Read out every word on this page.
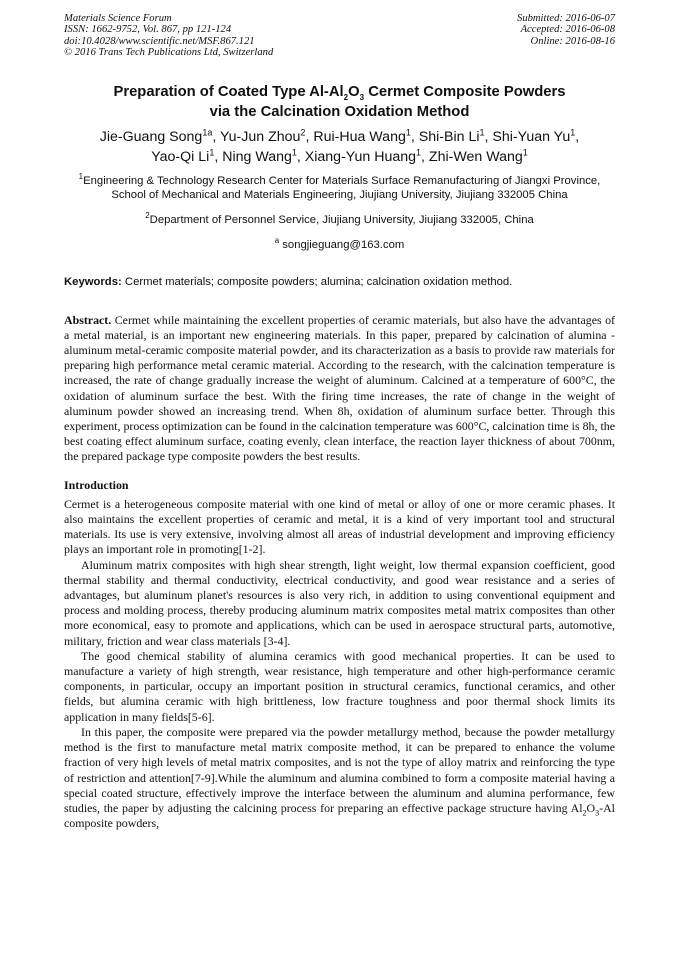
Materials Science Forum
ISSN: 1662-9752, Vol. 867, pp 121-124
doi:10.4028/www.scientific.net/MSF.867.121
© 2016 Trans Tech Publications Ltd, Switzerland
Submitted: 2016-06-07
Accepted: 2016-06-08
Online: 2016-08-16
Preparation of Coated Type $Al-Al_2O_3$ Cermet Composite Powders
via the Calcination Oxidation Method
Jie-Guang Song$^{1a}$, Yu-Jun Zhou$^2$, Rui-Hua Wang$^1$, Shi-Bin Li$^1$, Shi-Yuan Yu$^1$,
Yao-Qi Li$^1$, Ning Wang$^1$, Xiang-Yun Huang$^1$, Zhi-Wen Wang$^1$
$^1$Engineering & Technology Research Center for Materials Surface Remanufacturing of Jiangxi Province, School of Mechanical and Materials Engineering, Jiujiang University, Jiujiang 332005 China
$^2$Department of Personnel Service, Jiujiang University, Jiujiang 332005, China
$^a$ songjieguang@163.com
Keywords: Cermet materials; composite powders; alumina; calcination oxidation method.
Abstract. Cermet while maintaining the excellent properties of ceramic materials, but also have the advantages of a metal material, is an important new engineering materials. In this paper, prepared by calcination of alumina - aluminum metal-ceramic composite material powder, and its characterization as a basis to provide raw materials for preparing high performance metal ceramic material. According to the research, with the calcination temperature is increased, the rate of change gradually increase the weight of aluminum. Calcined at a temperature of 600°C, the oxidation of aluminum surface the best. With the firing time increases, the rate of change in the weight of aluminum powder showed an increasing trend. When 8h, oxidation of aluminum surface better. Through this experiment, process optimization can be found in the calcination temperature was 600°C, calcination time is 8h, the best coating effect aluminum surface, coating evenly, clean interface, the reaction layer thickness of about 700nm, the prepared package type composite powders the best results.
Introduction

Cermet is a heterogeneous composite material with one kind of metal or alloy of one or more ceramic phases. It also maintains the excellent properties of ceramic and metal, it is a kind of very important tool and structural materials. Its use is very extensive, involving almost all areas of industrial development and improving efficiency plays an important role in promoting[1-2].

Aluminum matrix composites with high shear strength, light weight, low thermal expansion coefficient, good thermal stability and thermal conductivity, electrical conductivity, and good wear resistance and a series of advantages, but aluminum planet's resources is also very rich, in addition to using conventional equipment and process and molding process, thereby producing aluminum matrix composites metal matrix composites than other more economical, easy to promote and applications, which can be used in aerospace structural parts, automotive, military, friction and wear class materials [3-4].

The good chemical stability of alumina ceramics with good mechanical properties. It can be used to manufacture a variety of high strength, wear resistance, high temperature and other high-performance ceramic components, in particular, occupy an important position in structural ceramics, functional ceramics, and other fields, but alumina ceramic with high brittleness, low fracture toughness and poor thermal shock limits its application in many fields[5-6].

In this paper, the composite were prepared via the powder metallurgy method, because the powder metallurgy method is the first to manufacture metal matrix composite method, it can be prepared to enhance the volume fraction of very high levels of metal matrix composites, and is not the type of alloy matrix and reinforcing the type of restriction and attention[7-9].While the aluminum and alumina combined to form a composite material having a special coated structure, effectively improve the interface between the aluminum and alumina performance, few studies, the paper by adjusting the calcining process for preparing an effective package structure having $Al_2O_3-Al$ composite powders,
